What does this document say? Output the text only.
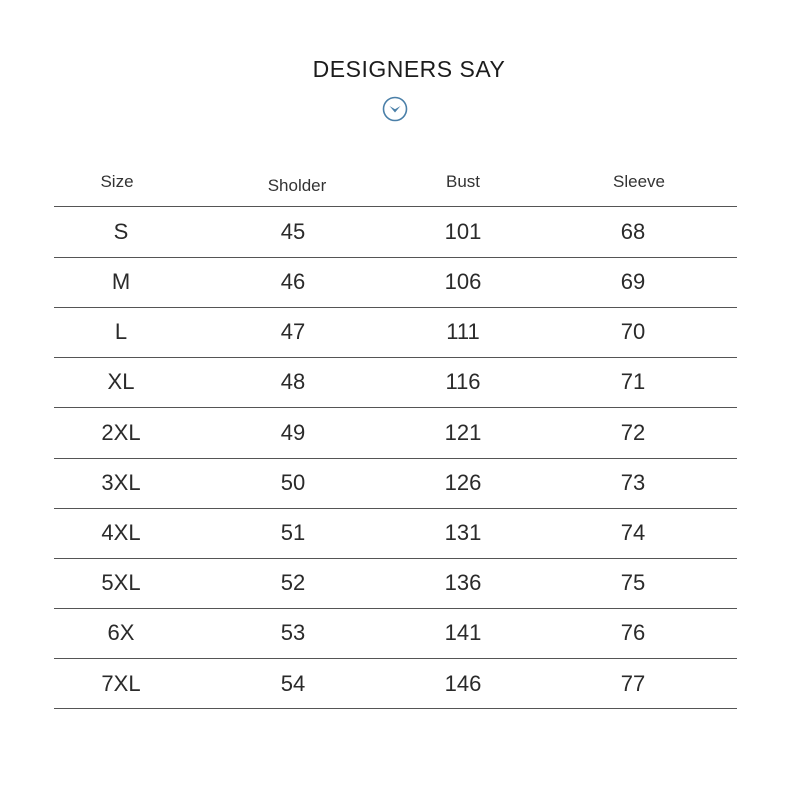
DESIGNERS SAY
Size	Sholder	Bust	Sleeve
S	45	101	68
M	46	106	69
L	47	111	70
XL	48	116	71
2XL	49	121	72
3XL	50	126	73
4XL	51	131	74
5XL	52	136	75
6X	53	141	76
7XL	54	146	77
